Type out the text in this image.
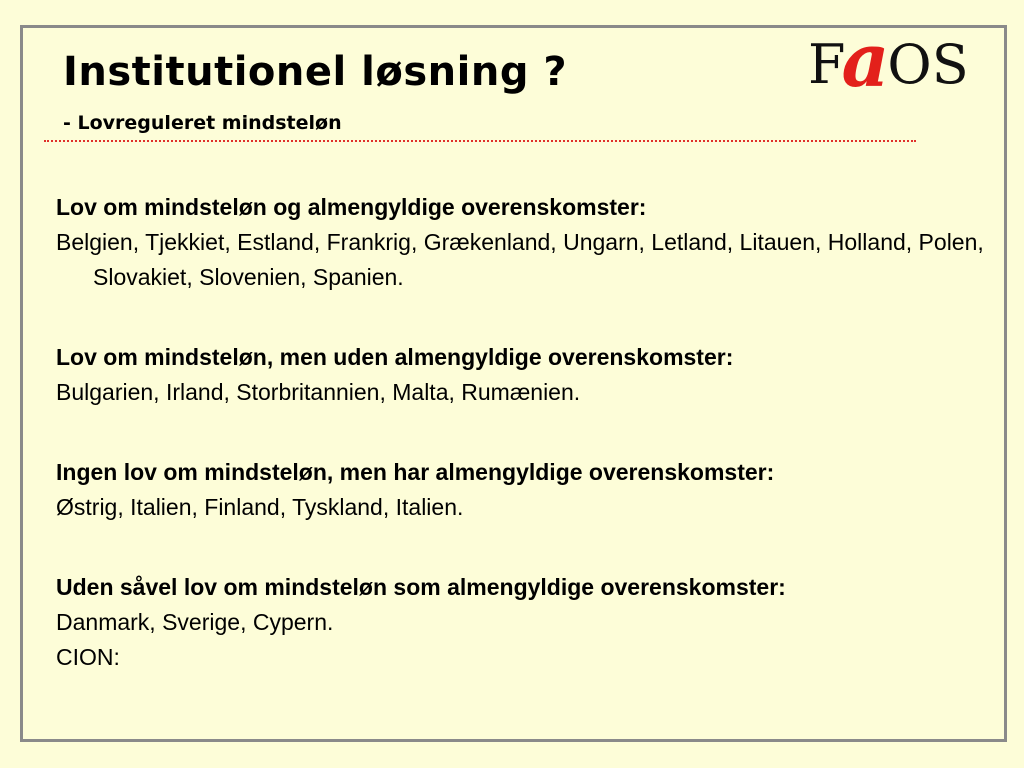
Institutionel løsning ?
- Lovreguleret mindsteløn
FaOS

Lov om mindsteløn og almengyldige overenskomster:

Belgien, Tjekkiet, Estland, Frankrig, Grækenland, Ungarn, Letland, Litauen, Holland, Polen, Slovakiet, Slovenien, Spanien.

Lov om mindsteløn, men uden almengyldige overenskomster:

Bulgarien, Irland, Storbritannien, Malta, Rumænien.

Ingen lov om mindsteløn, men har almengyldige overenskomster:

Østrig, Italien, Finland, Tyskland, Italien.

Uden såvel lov om mindsteløn som almengyldige overenskomster:

Danmark, Sverige, Cypern.

CION:
